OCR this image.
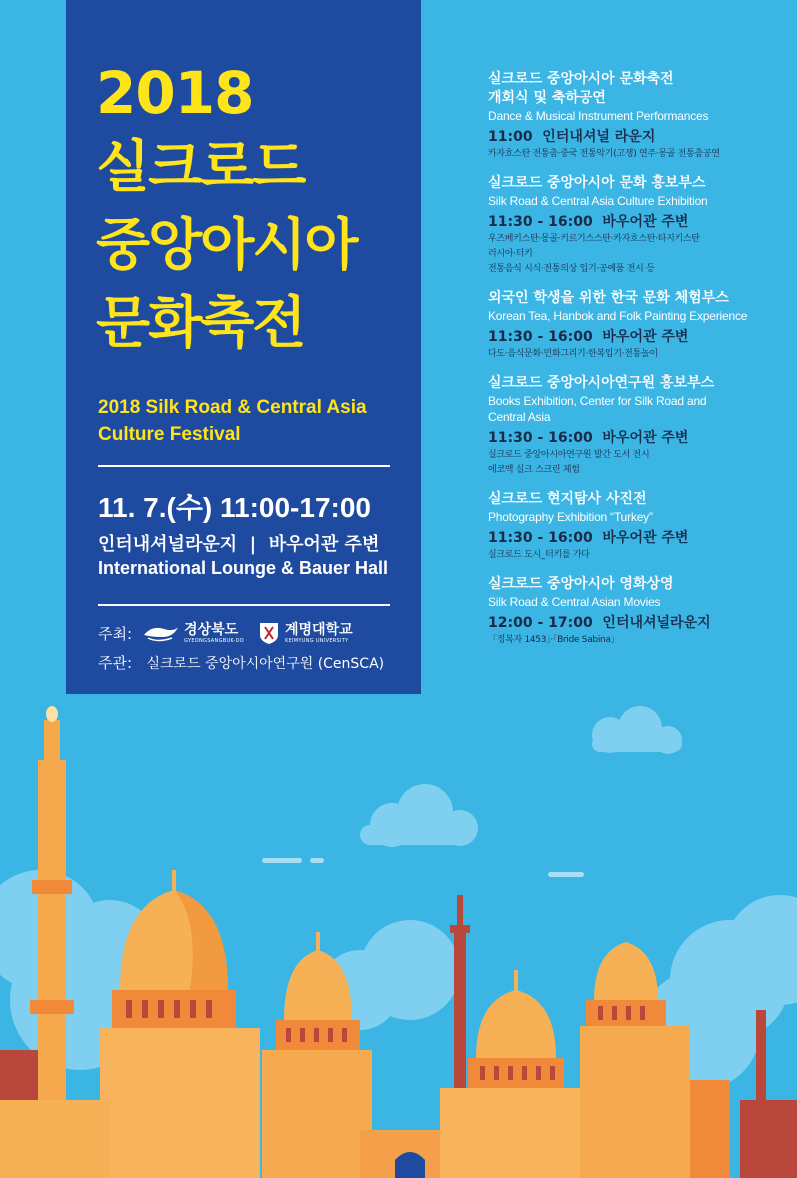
2018
실크로드
중앙아시아
문화축전
2018 Silk Road & Central Asia
Culture Festival
11. 7.(수) 11:00-17:00
인터내셔널라운지  |  바우어관 주변
International Lounge & Bauer Hall
주최:	경상북도
GYEONGSANGBUK-DO
계명대학교
KEIMYUNG UNIVERSITY
주관: 실크로드 중앙아시아연구원 (CenSCA)
실크로드 중앙아시아 문화축전
개회식 및 축하공연
Dance & Musical Instrument Performances
11:00  인터내셔널 라운지
카자흐스탄 전통춤·중국 전통악기(고쟁) 연주·몽골 전통춤공연
실크로드 중앙아시아 문화 홍보부스
Silk Road & Central Asia Culture Exhibition
11:30 - 16:00  바우어관 주변
우즈베키스탄·몽골·키르기스스탄·카자흐스탄·타지키스탄
러시아·터키
전통음식 시식·전통의상 입기·공예품 전시 등
외국인 학생을 위한 한국 문화 체험부스
Korean Tea, Hanbok and Folk Painting Experience
11:30 - 16:00  바우어관 주변
다도·음식문화·민화그리기·한복입기·전통놀이
실크로드 중앙아시아연구원 홍보부스
Books Exhibition, Center for Silk Road and
Central Asia
11:30 - 16:00  바우어관 주변
실크로드 중앙아시아연구원 발간 도서 전시
에코백 실크 스크린 체험
실크로드 현지탐사 사진전
Photography Exhibition “Turkey”
11:30 - 16:00  바우어관 주변
실크로드 도시_터키를 가다
실크로드 중앙아시아 영화상영
Silk Road & Central Asian Movies
12:00 - 17:00  인터내셔널라운지
「정복자 1453」·「Bride Sabina」
